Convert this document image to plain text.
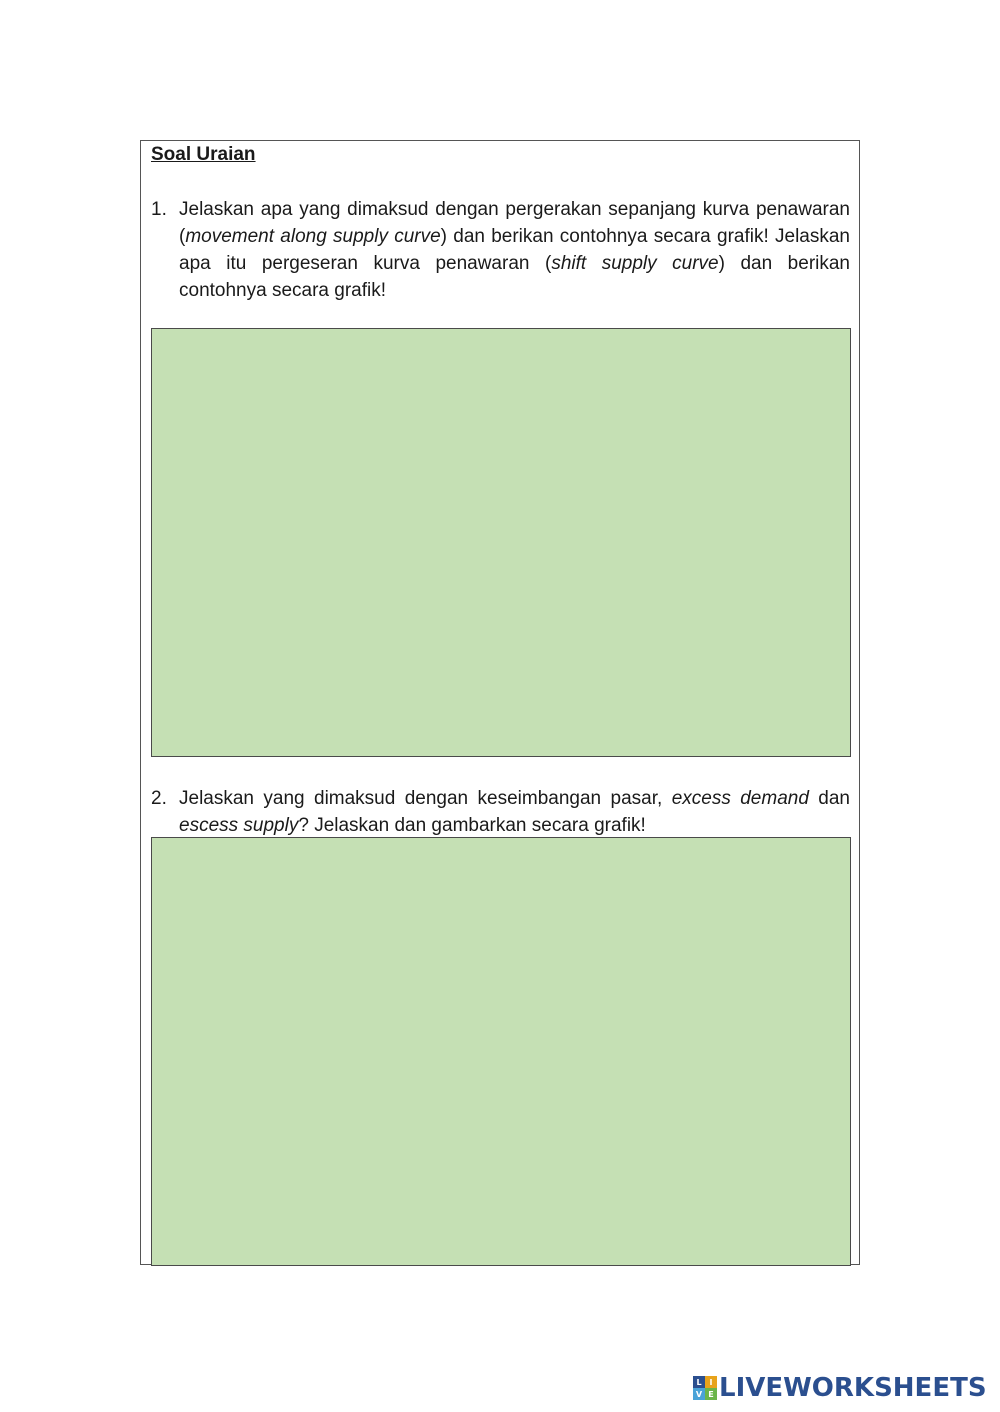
Soal Uraian
1. Jelaskan apa yang dimaksud dengan pergerakan sepanjang kurva penawaran (movement along supply curve) dan berikan contohnya secara grafik! Jelaskan apa itu pergeseran kurva penawaran (shift supply curve) dan berikan contohnya secara grafik!
2. Jelaskan yang dimaksud dengan keseimbangan pasar, excess demand dan escess supply? Jelaskan dan gambarkan secara grafik!
L I
V E LIVEWORKSHEETS
